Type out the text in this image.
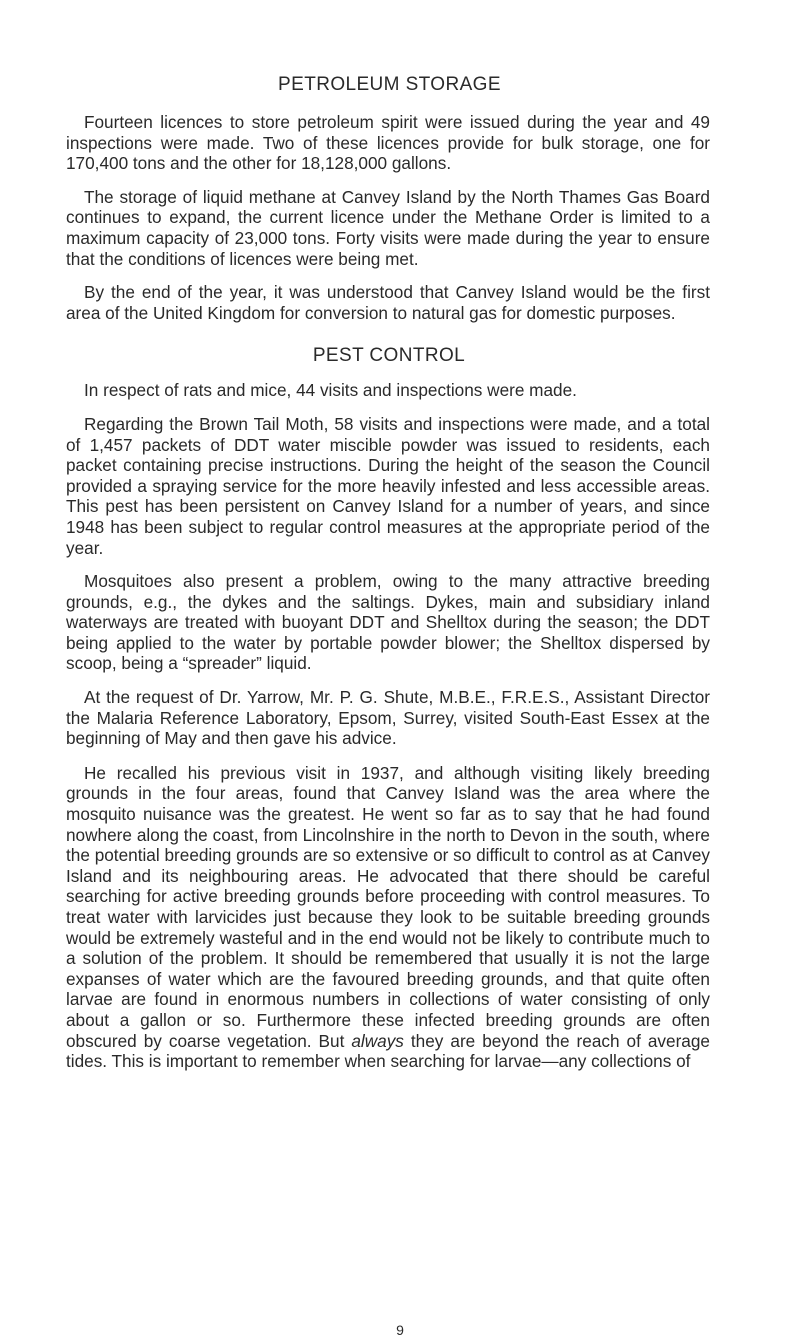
PETROLEUM STORAGE

Fourteen licences to store petroleum spirit were issued during the year and 49 inspections were made. Two of these licences provide for bulk storage, one for 170,400 tons and the other for 18,128,000 gallons.

The storage of liquid methane at Canvey Island by the North Thames Gas Board continues to expand, the current licence under the Methane Order is limited to a maximum capacity of 23,000 tons. Forty visits were made during the year to ensure that the conditions of licences were being met.

By the end of the year, it was understood that Canvey Island would be the first area of the United Kingdom for conversion to natural gas for domestic purposes.

PEST CONTROL

In respect of rats and mice, 44 visits and inspections were made.

Regarding the Brown Tail Moth, 58 visits and inspections were made, and a total of 1,457 packets of DDT water miscible powder was issued to residents, each packet containing precise instructions. During the height of the season the Council provided a spraying service for the more heavily infested and less accessible areas. This pest has been persistent on Canvey Island for a number of years, and since 1948 has been subject to regular control measures at the appropriate period of the year.

Mosquitoes also present a problem, owing to the many attractive breeding grounds, e.g., the dykes and the saltings. Dykes, main and subsidiary inland waterways are treated with buoyant DDT and Shelltox during the season; the DDT being applied to the water by portable powder blower; the Shelltox dispersed by scoop, being a “spreader” liquid.

At the request of Dr. Yarrow, Mr. P. G. Shute, M.B.E., F.R.E.S., Assistant Director the Malaria Reference Laboratory, Epsom, Surrey, visited South-East Essex at the beginning of May and then gave his advice.

He recalled his previous visit in 1937, and although visiting likely breeding grounds in the four areas, found that Canvey Island was the area where the mosquito nuisance was the greatest. He went so far as to say that he had found nowhere along the coast, from Lincolnshire in the north to Devon in the south, where the potential breeding grounds are so extensive or so difficult to control as at Canvey Island and its neighbouring areas. He advocated that there should be careful searching for active breeding grounds before proceeding with control measures. To treat water with larvicides just because they look to be suitable breeding grounds would be extremely wasteful and in the end would not be likely to contribute much to a solution of the problem. It should be remembered that usually it is not the large expanses of water which are the favoured breeding grounds, and that quite often larvae are found in enormous numbers in collections of water consisting of only about a gallon or so. Furthermore these infected breeding grounds are often obscured by coarse vegetation. But always they are beyond the reach of average tides. This is important to remember when searching for larvae—any collections of

9
